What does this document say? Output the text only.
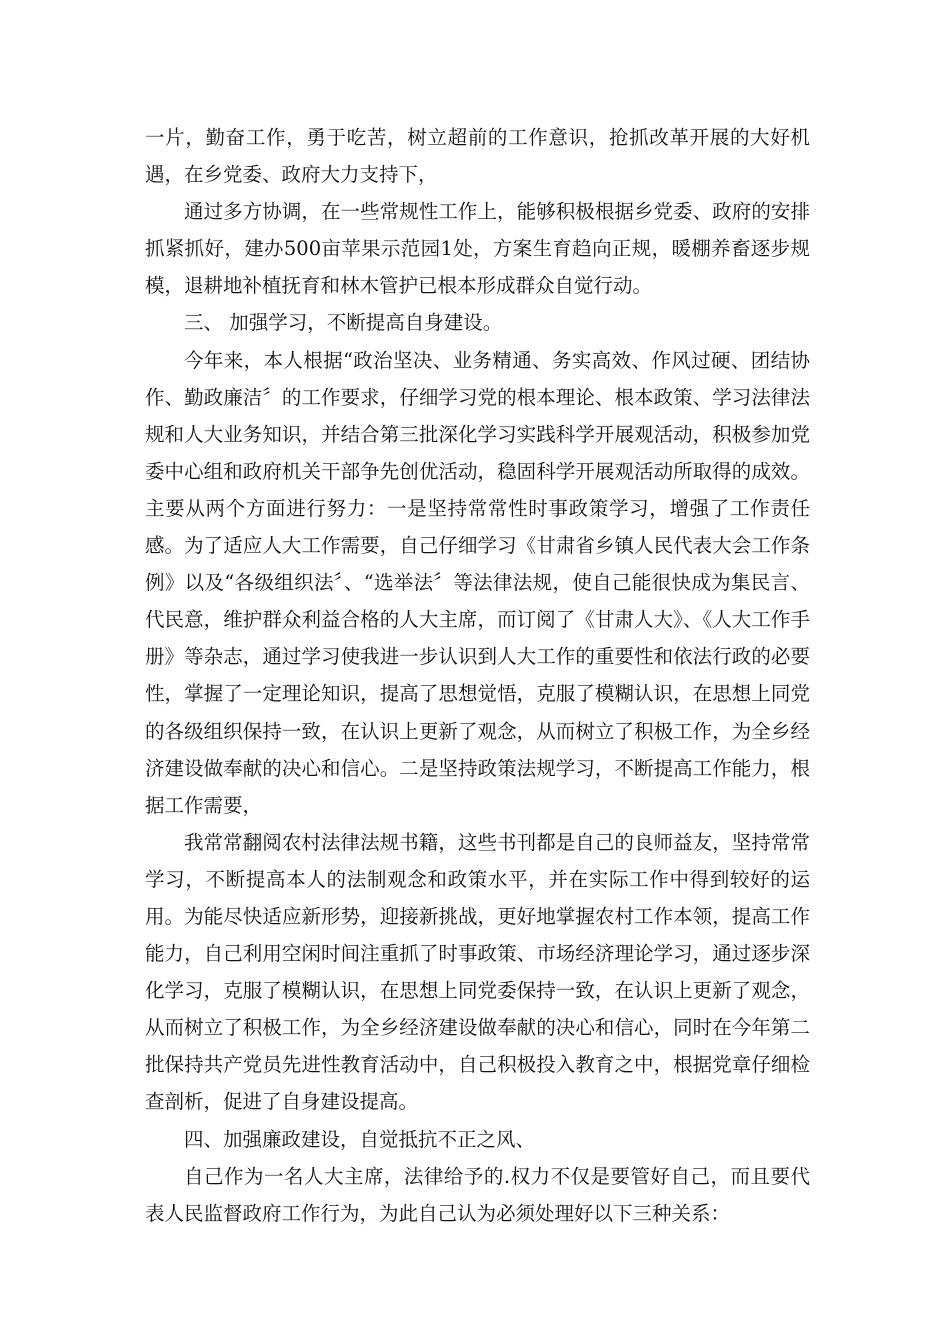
一片，勤奋工作，勇于吃苦，树立超前的工作意识，抢抓改革开展的大好机遇，在乡党委、政府大力支持下，

通过多方协调，在一些常规性工作上，能够积极根据乡党委、政府的安排抓紧抓好，建办500亩苹果示范园1处，方案生育趋向正规，暖棚养畜逐步规模，退耕地补植抚育和林木管护已根本形成群众自觉行动。

三、 加强学习，不断提高自身建设。

今年来，本人根据“政治坚决、业务精通、务实高效、作风过硬、团结协作、勤政廉洁〞的工作要求，仔细学习党的根本理论、根本政策、学习法律法规和人大业务知识，并结合第三批深化学习实践科学开展观活动，积极参加党委中心组和政府机关干部争先创优活动，稳固科学开展观活动所取得的成效。主要从两个方面进行努力：一是坚持常常性时事政策学习，增强了工作责任感。为了适应人大工作需要，自己仔细学习《甘肃省乡镇人民代表大会工作条例》以及“各级组织法〞、“选举法〞等法律法规，使自己能很快成为集民言、代民意，维护群众利益合格的人大主席，而订阅了《甘肃人大》、《人大工作手册》等杂志，通过学习使我进一步认识到人大工作的重要性和依法行政的必要性，掌握了一定理论知识，提高了思想觉悟，克服了模糊认识，在思想上同党的各级组织保持一致，在认识上更新了观念，从而树立了积极工作，为全乡经济建设做奉献的决心和信心。二是坚持政策法规学习，不断提高工作能力，根据工作需要，

我常常翻阅农村法律法规书籍，这些书刊都是自己的良师益友，坚持常常学习，不断提高本人的法制观念和政策水平，并在实际工作中得到较好的运用。为能尽快适应新形势，迎接新挑战，更好地掌握农村工作本领，提高工作能力，自己利用空闲时间注重抓了时事政策、市场经济理论学习，通过逐步深化学习，克服了模糊认识，在思想上同党委保持一致，在认识上更新了观念，从而树立了积极工作，为全乡经济建设做奉献的决心和信心，同时在今年第二批保持共产党员先进性教育活动中，自己积极投入教育之中，根据党章仔细检查剖析，促进了自身建设提高。

四、加强廉政建设，自觉抵抗不正之风、

自己作为一名人大主席，法律给予的.权力不仅是要管好自己，而且要代表人民监督政府工作行为，为此自己认为必须处理好以下三种关系：
